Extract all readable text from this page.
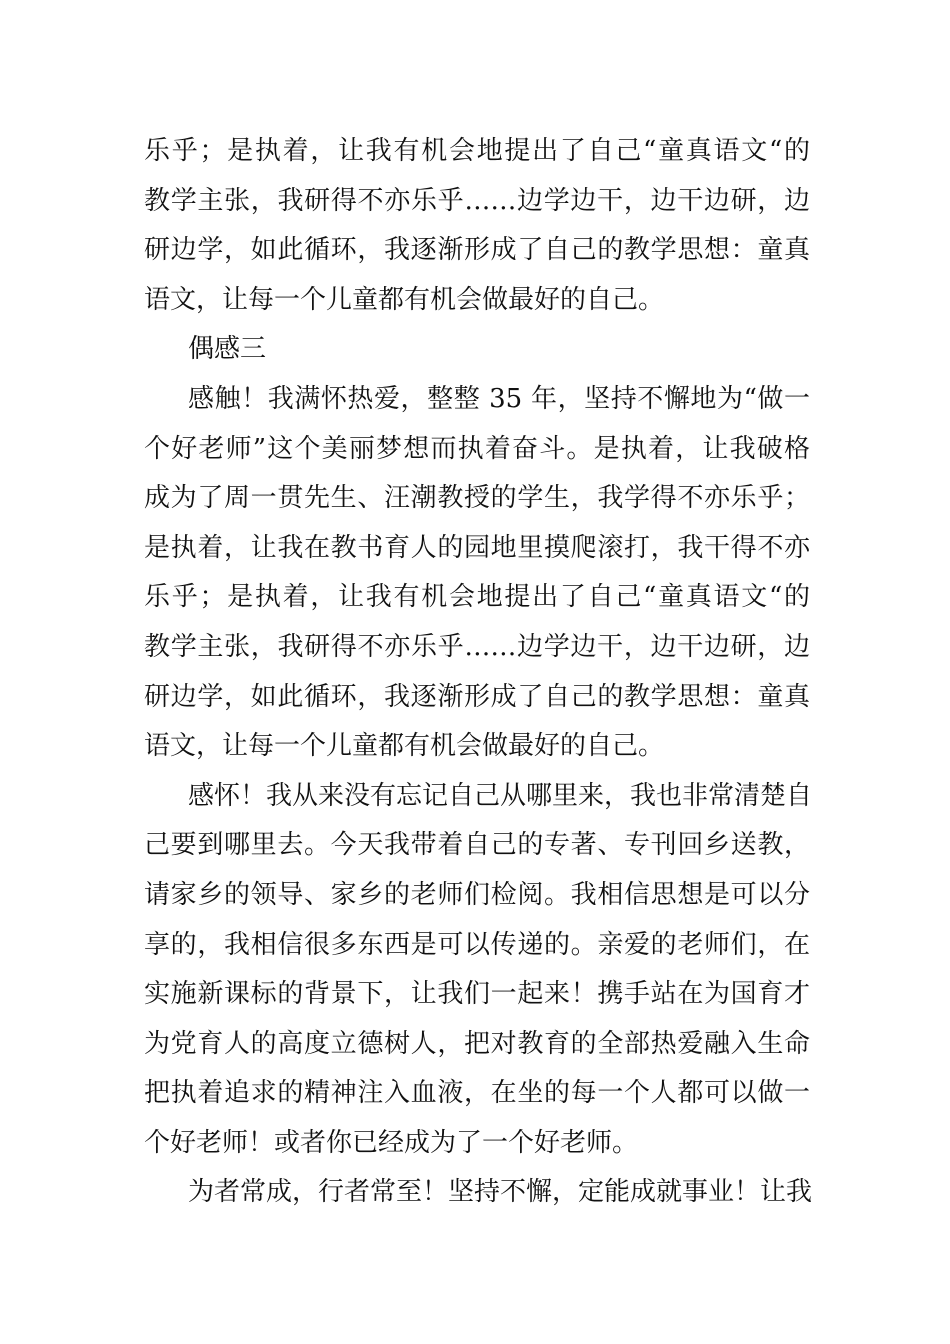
乐乎；是执着，让我有机会地提出了自己“童真语文“的
教学主张，我研得不亦乐乎……边学边干，边干边研，边
研边学，如此循环，我逐渐形成了自己的教学思想：童真
语文，让每一个儿童都有机会做最好的自己。
偶感三
感触！我满怀热爱，整整 35 年，坚持不懈地为“做一
个好老师”这个美丽梦想而执着奋斗。是执着，让我破格
成为了周一贯先生、汪潮教授的学生，我学得不亦乐乎；
是执着，让我在教书育人的园地里摸爬滚打，我干得不亦
乐乎；是执着，让我有机会地提出了自己“童真语文“的
教学主张，我研得不亦乐乎……边学边干，边干边研，边
研边学，如此循环，我逐渐形成了自己的教学思想：童真
语文，让每一个儿童都有机会做最好的自己。
感怀！我从来没有忘记自己从哪里来，我也非常清楚自
己要到哪里去。今天我带着自己的专著、专刊回乡送教，
请家乡的领导、家乡的老师们检阅。我相信思想是可以分
享的，我相信很多东西是可以传递的。亲爱的老师们，在
实施新课标的背景下，让我们一起来！携手站在为国育才
为党育人的高度立德树人，把对教育的全部热爱融入生命
把执着追求的精神注入血液，在坐的每一个人都可以做一
个好老师！或者你已经成为了一个好老师。
为者常成，行者常至！坚持不懈，定能成就事业！让我
